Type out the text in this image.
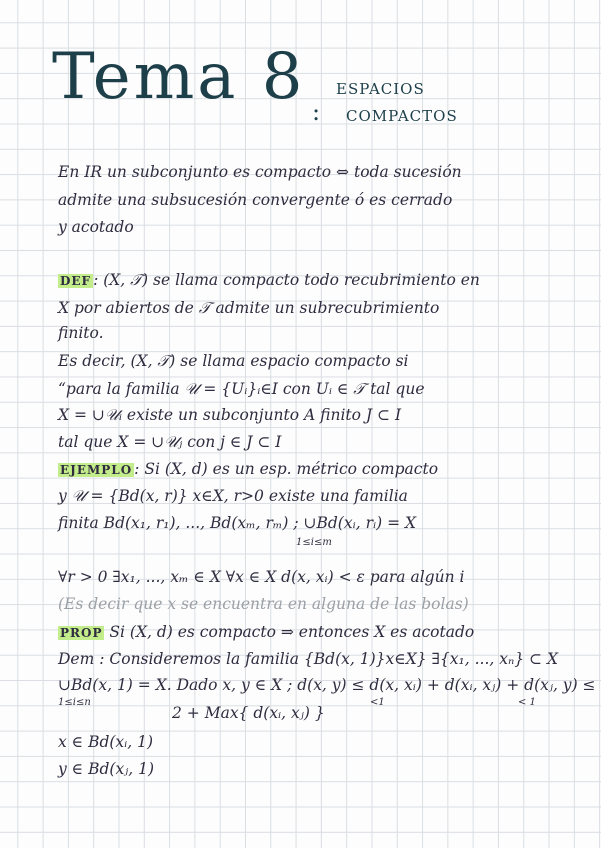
Tema 8 :
ESPACIOS
COMPACTOS
En IR un subconjunto es compacto ⇔ toda sucesión
admite una subsucesión convergente ó es cerrado
y acotado
DEF : (X, 𝒯) se llama compacto todo recubrimiento en
X por abiertos de 𝒯 admite un subrecubrimiento
finito.
Es decir, (X, 𝒯) se llama espacio compacto si
“para la familia 𝒰 = {Uᵢ}ᵢ∈I con Uᵢ ∈ 𝒯 tal que
X = ∪𝒰ᵢ existe un subconjunto A finito J ⊂ I
tal que X = ∪𝒰ⱼ con j ∈ J ⊂ I
EJEMPLO : Si (X, d) es un esp. métrico compacto
y 𝒰 = {Bd(x, r)} x∈X, r>0 existe una familia
finita Bd(x₁, r₁), ..., Bd(xₘ, rₘ) ; ∪Bd(xᵢ, rᵢ) = X
1≤i≤m
∀r > 0 ∃x₁, ..., xₘ ∈ X ∀x ∈ X d(x, xᵢ) < ε para algún i
(Es decir que x se encuentra en alguna de las bolas)
PROP Si (X, d) es compacto ⇒ entonces X es acotado
Dem : Consideremos la familia {Bd(x, 1)}x∈X} ∃{x₁, ..., xₙ} ⊂ X
∪Bd(x, 1) = X. Dado x, y ∈ X ; d(x, y) ≤ d(x, xᵢ) + d(xᵢ, xⱼ) + d(xⱼ, y) ≤
1≤i≤n	<1	< 1
2 + Max{ d(xᵢ, xⱼ) }
x ∈ Bd(xᵢ, 1)
y ∈ Bd(xⱼ, 1)
